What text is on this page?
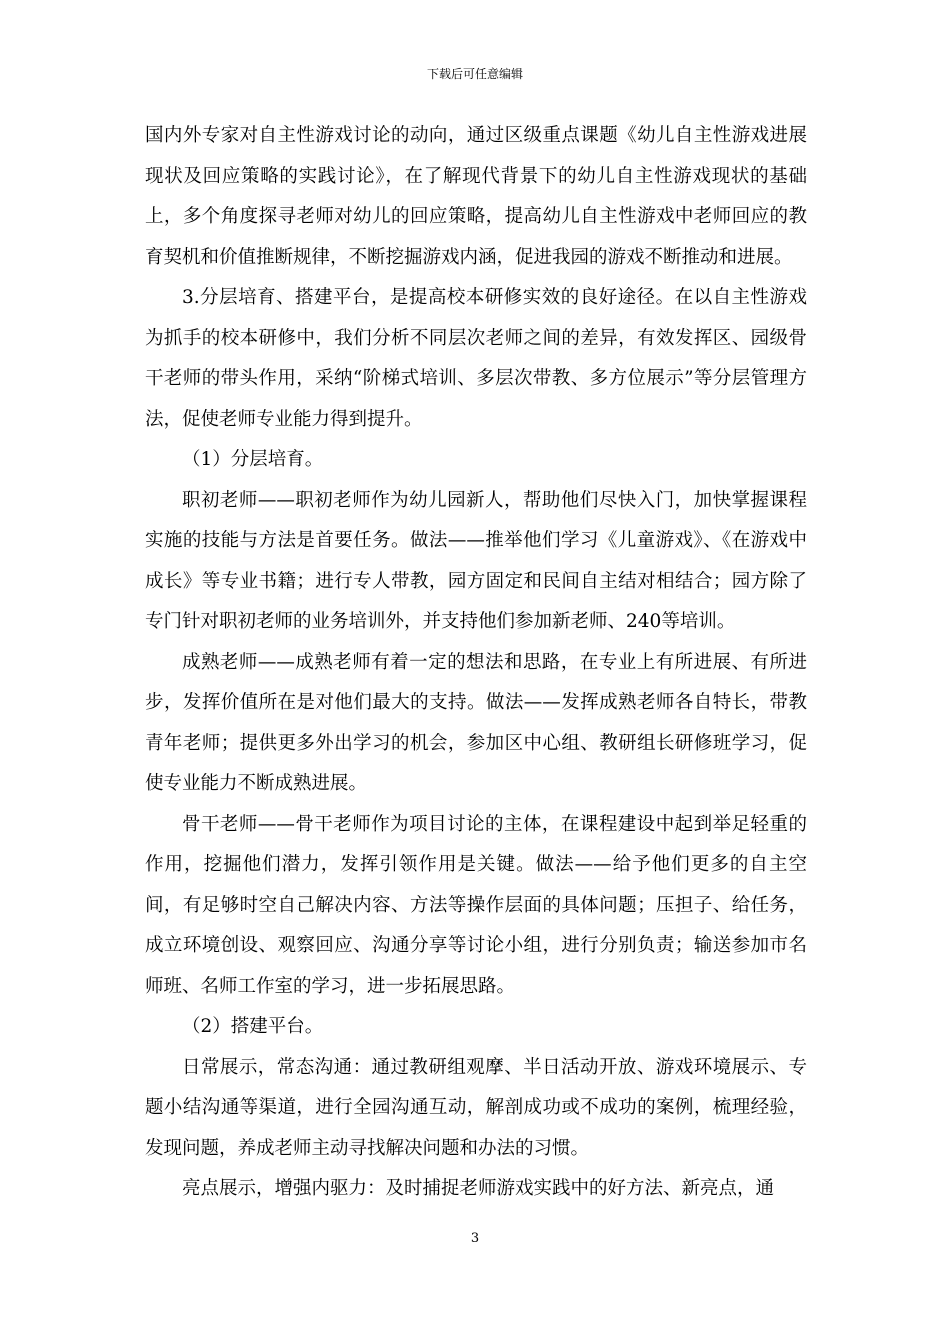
下载后可任意编辑

国内外专家对自主性游戏讨论的动向，通过区级重点课题《幼儿自主性游戏进展现状及回应策略的实践讨论》，在了解现代背景下的幼儿自主性游戏现状的基础上，多个角度探寻老师对幼儿的回应策略，提高幼儿自主性游戏中老师回应的教育契机和价值推断规律，不断挖掘游戏内涵，促进我园的游戏不断推动和进展。

3.分层培育、搭建平台，是提高校本研修实效的良好途径。在以自主性游戏为抓手的校本研修中，我们分析不同层次老师之间的差异，有效发挥区、园级骨干老师的带头作用，采纳“阶梯式培训、多层次带教、多方位展示”等分层管理方法，促使老师专业能力得到提升。

（1）分层培育。

职初老师——职初老师作为幼儿园新人，帮助他们尽快入门，加快掌握课程实施的技能与方法是首要任务。做法——推举他们学习《儿童游戏》、《在游戏中成长》等专业书籍；进行专人带教，园方固定和民间自主结对相结合；园方除了专门针对职初老师的业务培训外，并支持他们参加新老师、240等培训。

成熟老师——成熟老师有着一定的想法和思路，在专业上有所进展、有所进步，发挥价值所在是对他们最大的支持。做法——发挥成熟老师各自特长，带教青年老师；提供更多外出学习的机会，参加区中心组、教研组长研修班学习，促使专业能力不断成熟进展。

骨干老师——骨干老师作为项目讨论的主体，在课程建设中起到举足轻重的作用，挖掘他们潜力，发挥引领作用是关键。做法——给予他们更多的自主空间，有足够时空自己解决内容、方法等操作层面的具体问题；压担子、给任务，成立环境创设、观察回应、沟通分享等讨论小组，进行分别负责；输送参加市名师班、名师工作室的学习，进一步拓展思路。

（2）搭建平台。

日常展示，常态沟通：通过教研组观摩、半日活动开放、游戏环境展示、专题小结沟通等渠道，进行全园沟通互动，解剖成功或不成功的案例，梳理经验，发现问题，养成老师主动寻找解决问题和办法的习惯。

亮点展示，增强内驱力：及时捕捉老师游戏实践中的好方法、新亮点，通

3
